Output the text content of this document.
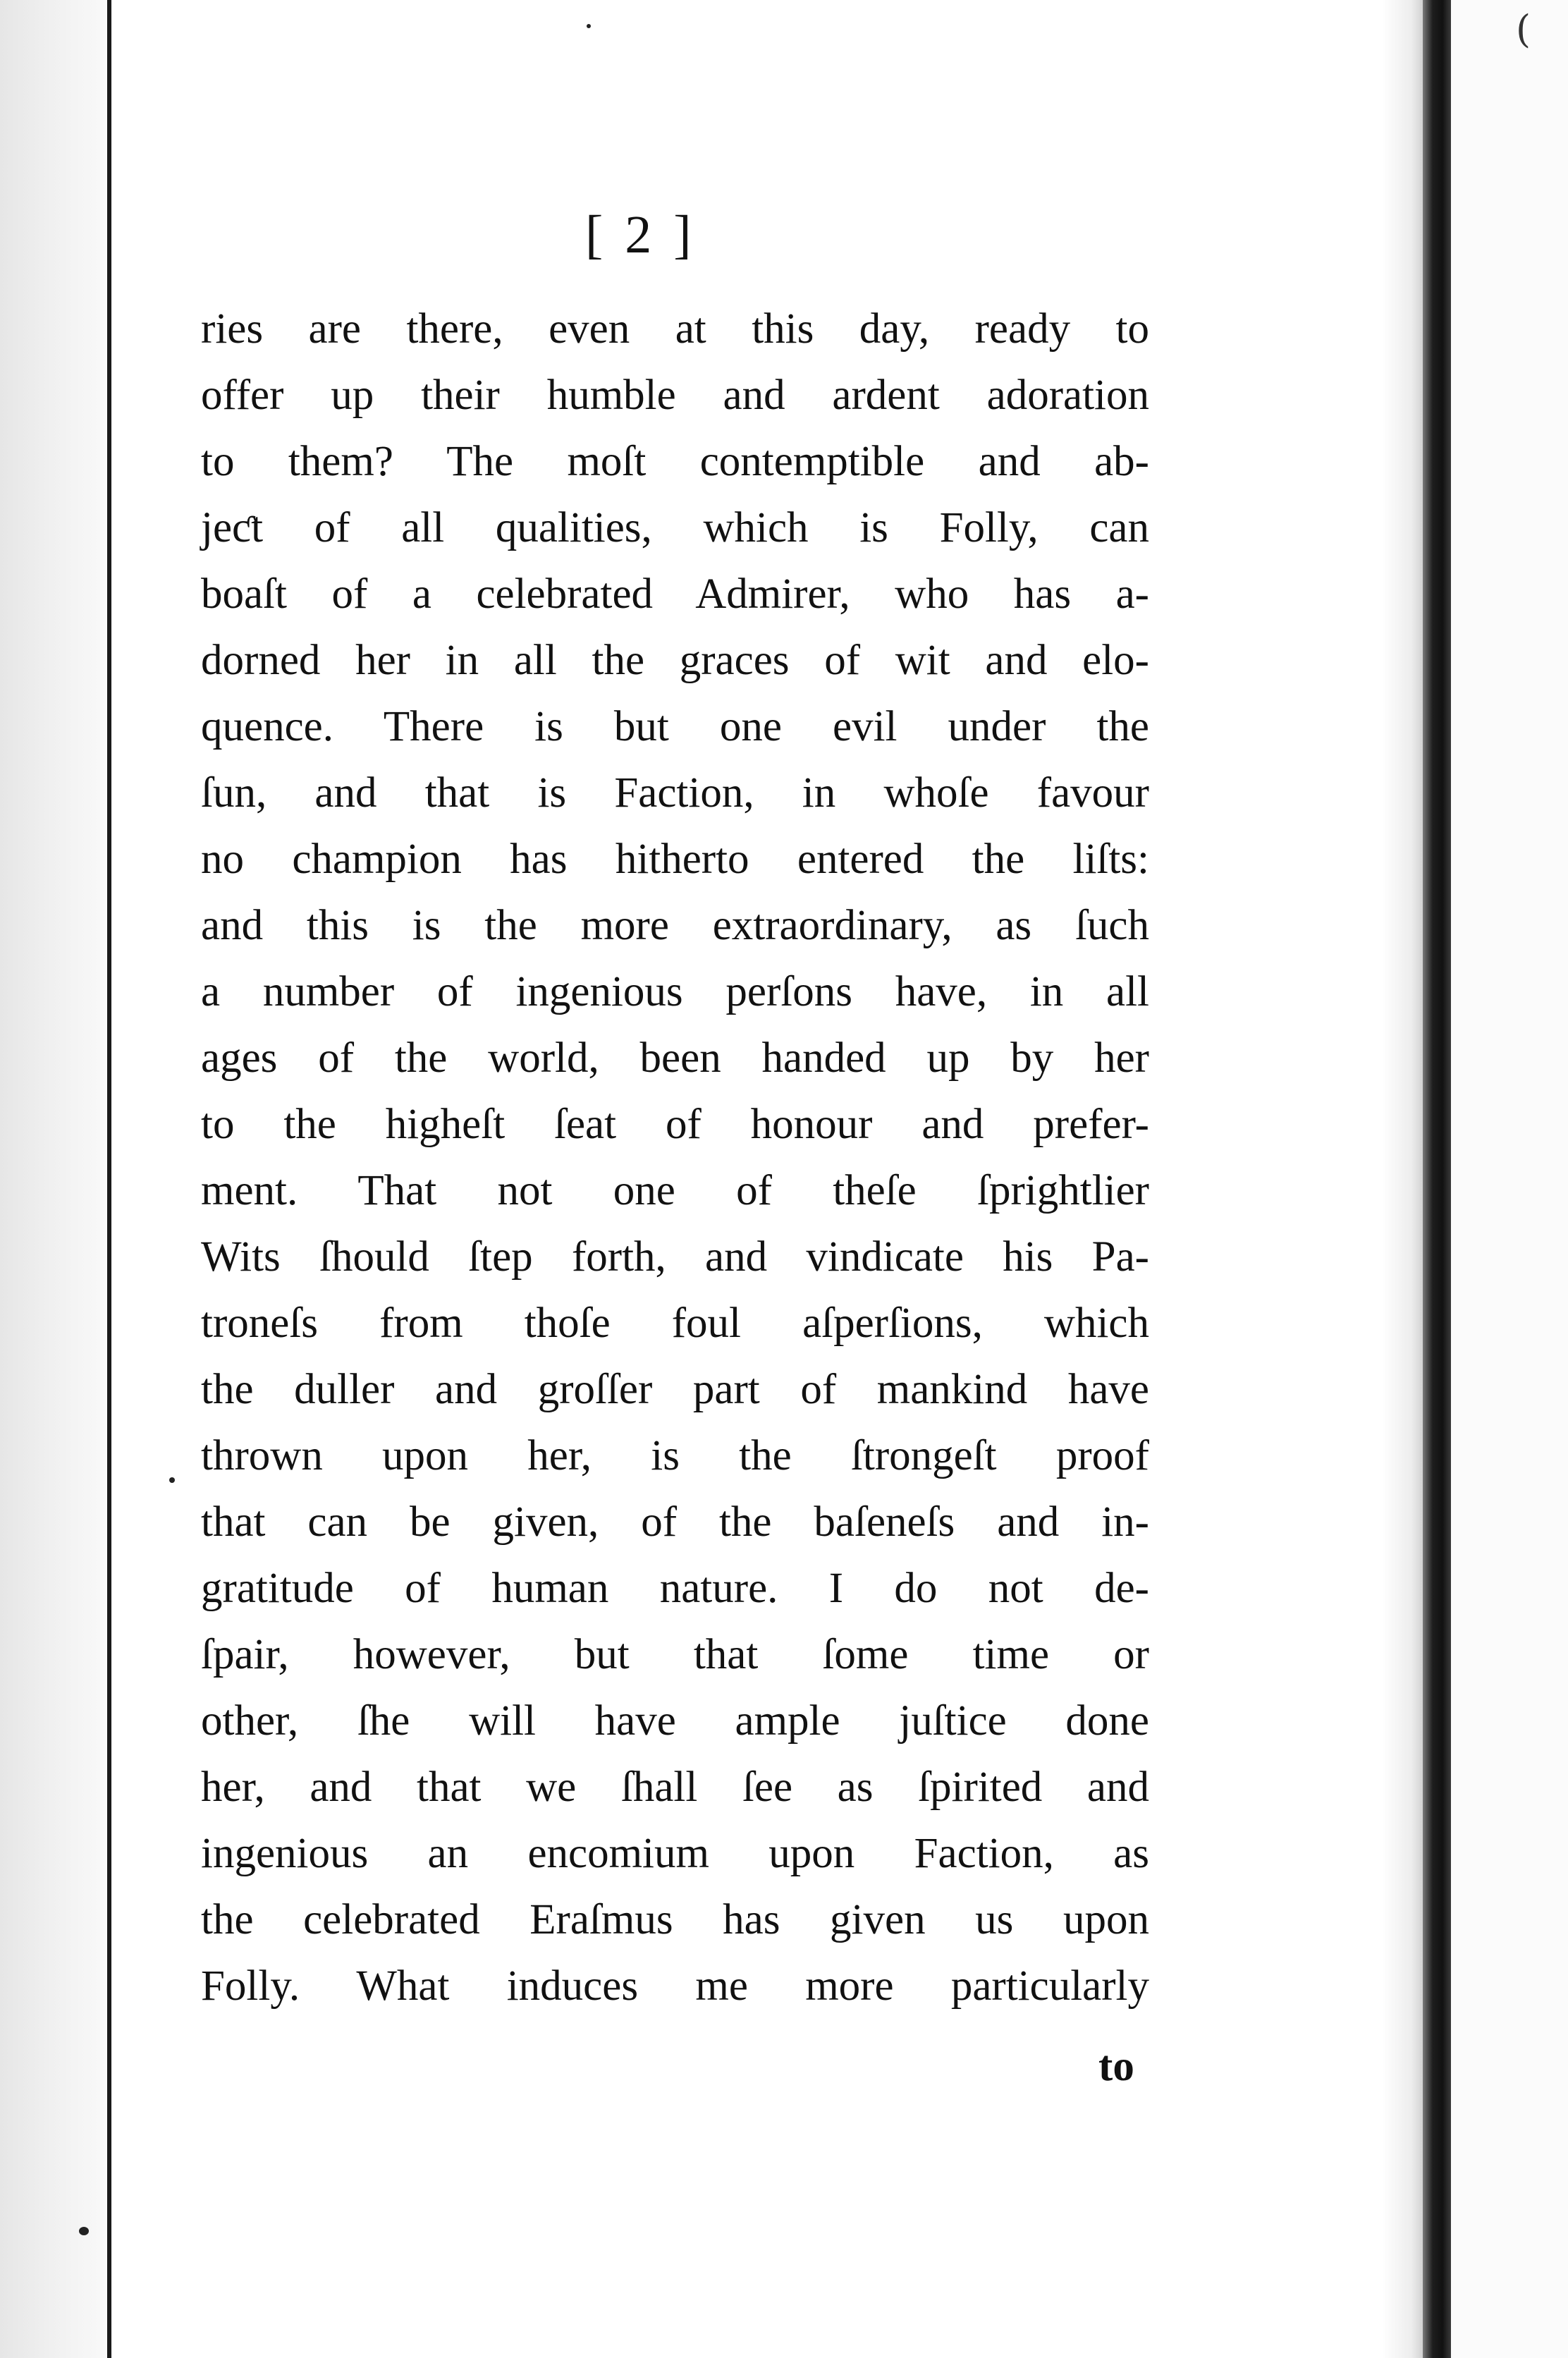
(
[ 2 ]
ries are there, even at this day, ready to
offer up their humble and ardent adoration
to them? The moſt contemptible and ab-
jeƈt of all qualities, which is Folly, can
boaſt of a celebrated Admirer, who has a-
dorned her in all the graces of wit and elo-
quence. There is but one evil under the
ſun, and that is Faction, in whoſe favour
no champion has hitherto entered the liſts:
and this is the more extraordinary, as ſuch
a number of ingenious perſons have, in all
ages of the world, been handed up by her
to the higheſt ſeat of honour and prefer-
ment. That not one of theſe ſprightlier
Wits ſhould ſtep forth, and vindicate his Pa-
troneſs from thoſe foul aſperſions, which
the duller and groſſer part of mankind have
thrown upon her, is the ſtrongeſt proof
that can be given, of the baſeneſs and in-
gratitude of human nature. I do not de-
ſpair, however, but that ſome time or
other, ſhe will have ample juſtice done
her, and that we ſhall ſee as ſpirited and
ingenious an encomium upon Faction, as
the celebrated Eraſmus has given us upon
Folly. What induces me more particularly
to
